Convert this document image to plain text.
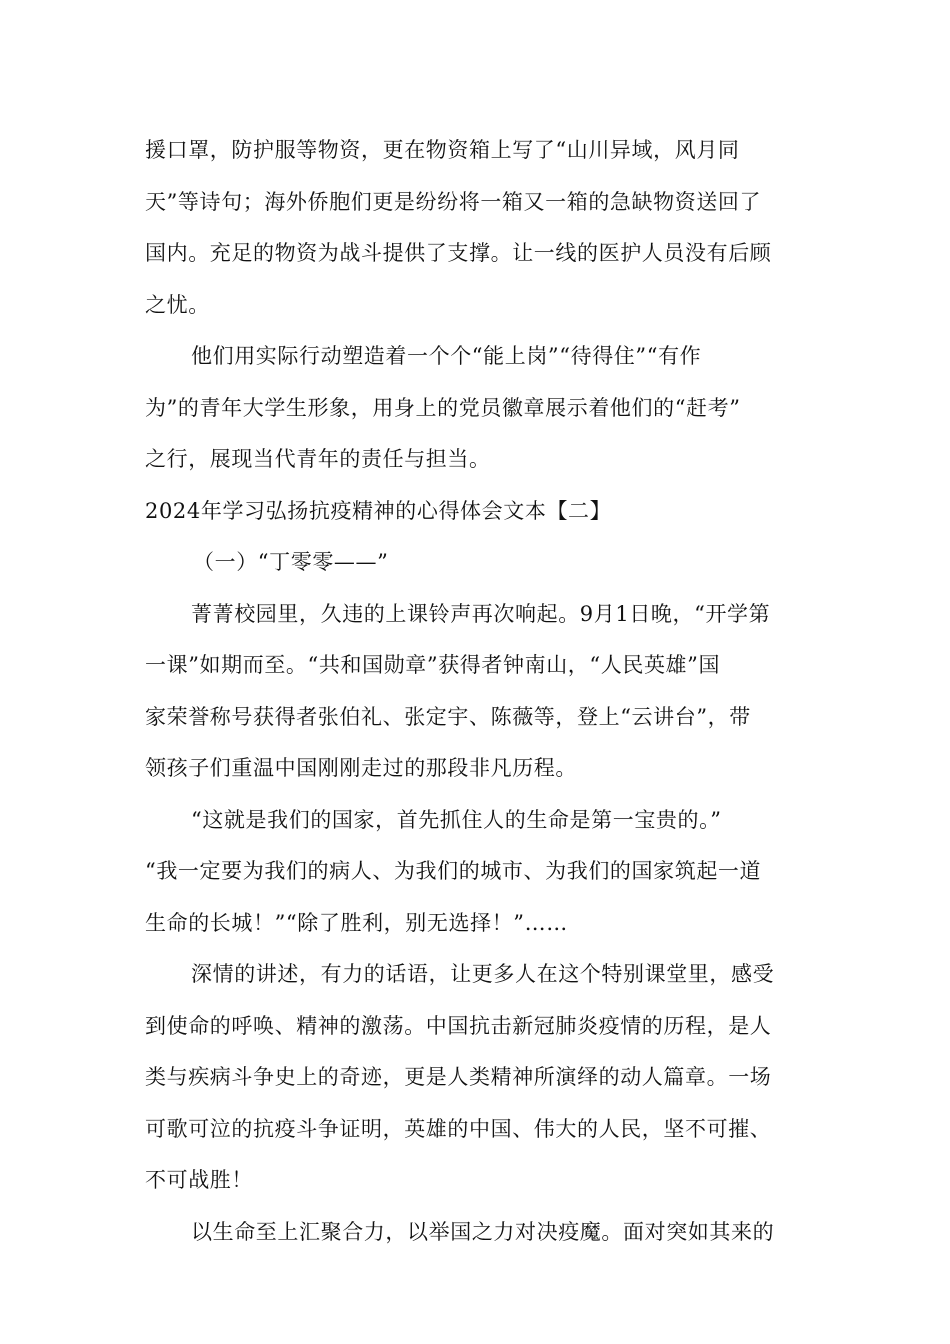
援口罩，防护服等物资，更在物资箱上写了“山川异域，风月同
天”等诗句；海外侨胞们更是纷纷将一箱又一箱的急缺物资送回了
国内。充足的物资为战斗提供了支撑。让一线的医护人员没有后顾
之忧。
他们用实际行动塑造着一个个“能上岗”“待得住”“有作
为”的青年大学生形象，用身上的党员徽章展示着他们的“赶考”
之行，展现当代青年的责任与担当。
2024年学习弘扬抗疫精神的心得体会文本【二】
（一）“丁零零——”
菁菁校园里，久违的上课铃声再次响起。9月1日晚，“开学第
一课”如期而至。“共和国勋章”获得者钟南山，“人民英雄”国
家荣誉称号获得者张伯礼、张定宇、陈薇等，登上“云讲台”，带
领孩子们重温中国刚刚走过的那段非凡历程。
“这就是我们的国家，首先抓住人的生命是第一宝贵的。”
“我一定要为我们的病人、为我们的城市、为我们的国家筑起一道
生命的长城！”“除了胜利，别无选择！”……
深情的讲述，有力的话语，让更多人在这个特别课堂里，感受
到使命的呼唤、精神的激荡。中国抗击新冠肺炎疫情的历程，是人
类与疾病斗争史上的奇迹，更是人类精神所演绎的动人篇章。一场
可歌可泣的抗疫斗争证明，英雄的中国、伟大的人民，坚不可摧、
不可战胜！
以生命至上汇聚合力，以举国之力对决疫魔。面对突如其来的
